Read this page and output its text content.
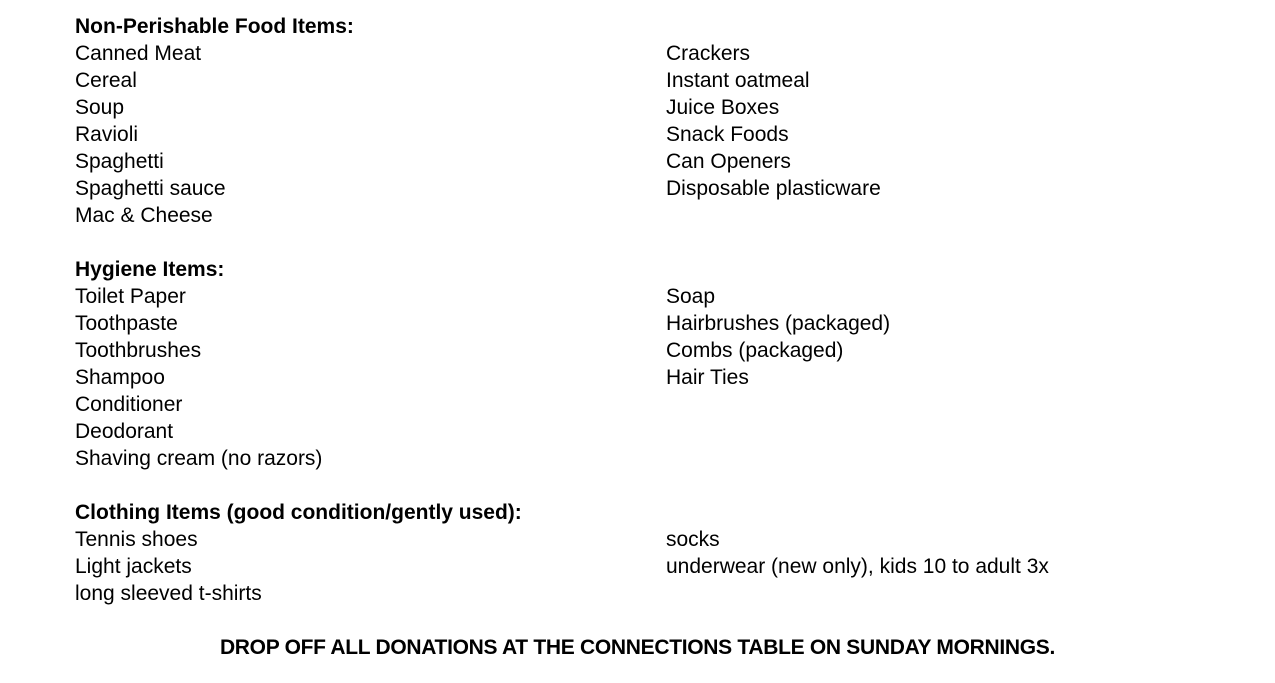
Non-Perishable Food Items:
Canned Meat
Cereal
Soup
Ravioli
Spaghetti
Spaghetti sauce
Mac & Cheese
Crackers
Instant oatmeal
Juice Boxes
Snack Foods
Can Openers
Disposable plasticware
Hygiene Items:
Toilet Paper
Toothpaste
Toothbrushes
Shampoo
Conditioner
Deodorant
Shaving cream (no razors)
Soap
Hairbrushes (packaged)
Combs (packaged)
Hair Ties
Clothing Items (good condition/gently used):
Tennis shoes
Light jackets
long sleeved t-shirts
socks
underwear (new only), kids 10 to adult 3x
DROP OFF ALL DONATIONS AT THE CONNECTIONS TABLE ON SUNDAY MORNINGS.
